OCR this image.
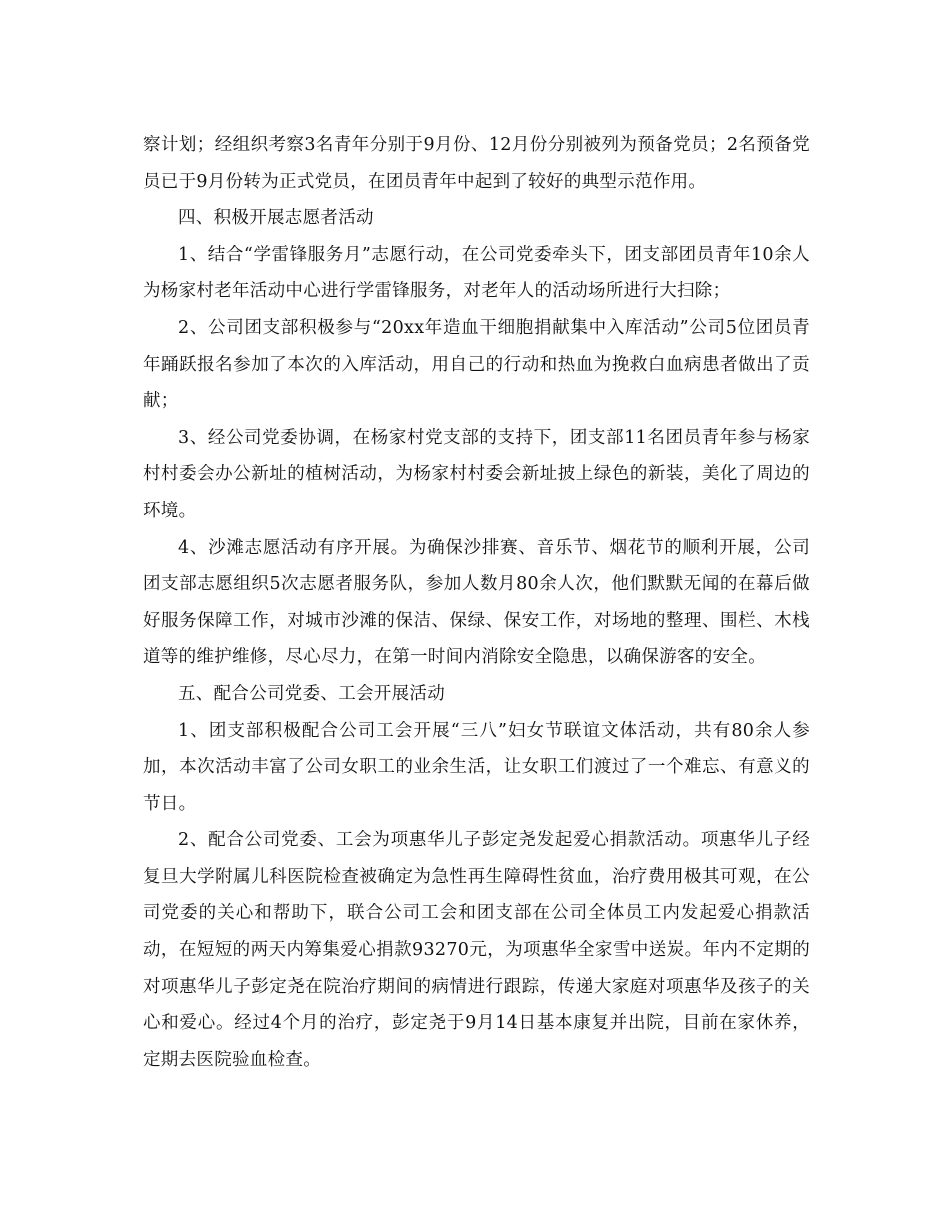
察计划；经组织考察3名青年分别于9月份、12月份分别被列为预备党员；2名预备党员已于9月份转为正式党员，在团员青年中起到了较好的典型示范作用。

四、积极开展志愿者活动

1、结合“学雷锋服务月”志愿行动，在公司党委牵头下，团支部团员青年10余人为杨家村老年活动中心进行学雷锋服务，对老年人的活动场所进行大扫除；

2、公司团支部积极参与“20xx年造血干细胞捐献集中入库活动”公司5位团员青年踊跃报名参加了本次的入库活动，用自己的行动和热血为挽救白血病患者做出了贡献；

3、经公司党委协调，在杨家村党支部的支持下，团支部11名团员青年参与杨家村村委会办公新址的植树活动，为杨家村村委会新址披上绿色的新装，美化了周边的环境。

4、沙滩志愿活动有序开展。为确保沙排赛、音乐节、烟花节的顺利开展，公司团支部志愿组织5次志愿者服务队，参加人数月80余人次，他们默默无闻的在幕后做好服务保障工作，对城市沙滩的保洁、保绿、保安工作，对场地的整理、围栏、木栈道等的维护维修，尽心尽力，在第一时间内消除安全隐患，以确保游客的安全。

五、配合公司党委、工会开展活动

1、团支部积极配合公司工会开展“三八”妇女节联谊文体活动，共有80余人参加，本次活动丰富了公司女职工的业余生活，让女职工们渡过了一个难忘、有意义的节日。

2、配合公司党委、工会为项惠华儿子彭定尧发起爱心捐款活动。项惠华儿子经复旦大学附属儿科医院检查被确定为急性再生障碍性贫血，治疗费用极其可观，在公司党委的关心和帮助下，联合公司工会和团支部在公司全体员工内发起爱心捐款活动，在短短的两天内筹集爱心捐款93270元，为项惠华全家雪中送炭。年内不定期的对项惠华儿子彭定尧在院治疗期间的病情进行跟踪，传递大家庭对项惠华及孩子的关心和爱心。经过4个月的治疗，彭定尧于9月14日基本康复并出院，目前在家休养，定期去医院验血检查。
